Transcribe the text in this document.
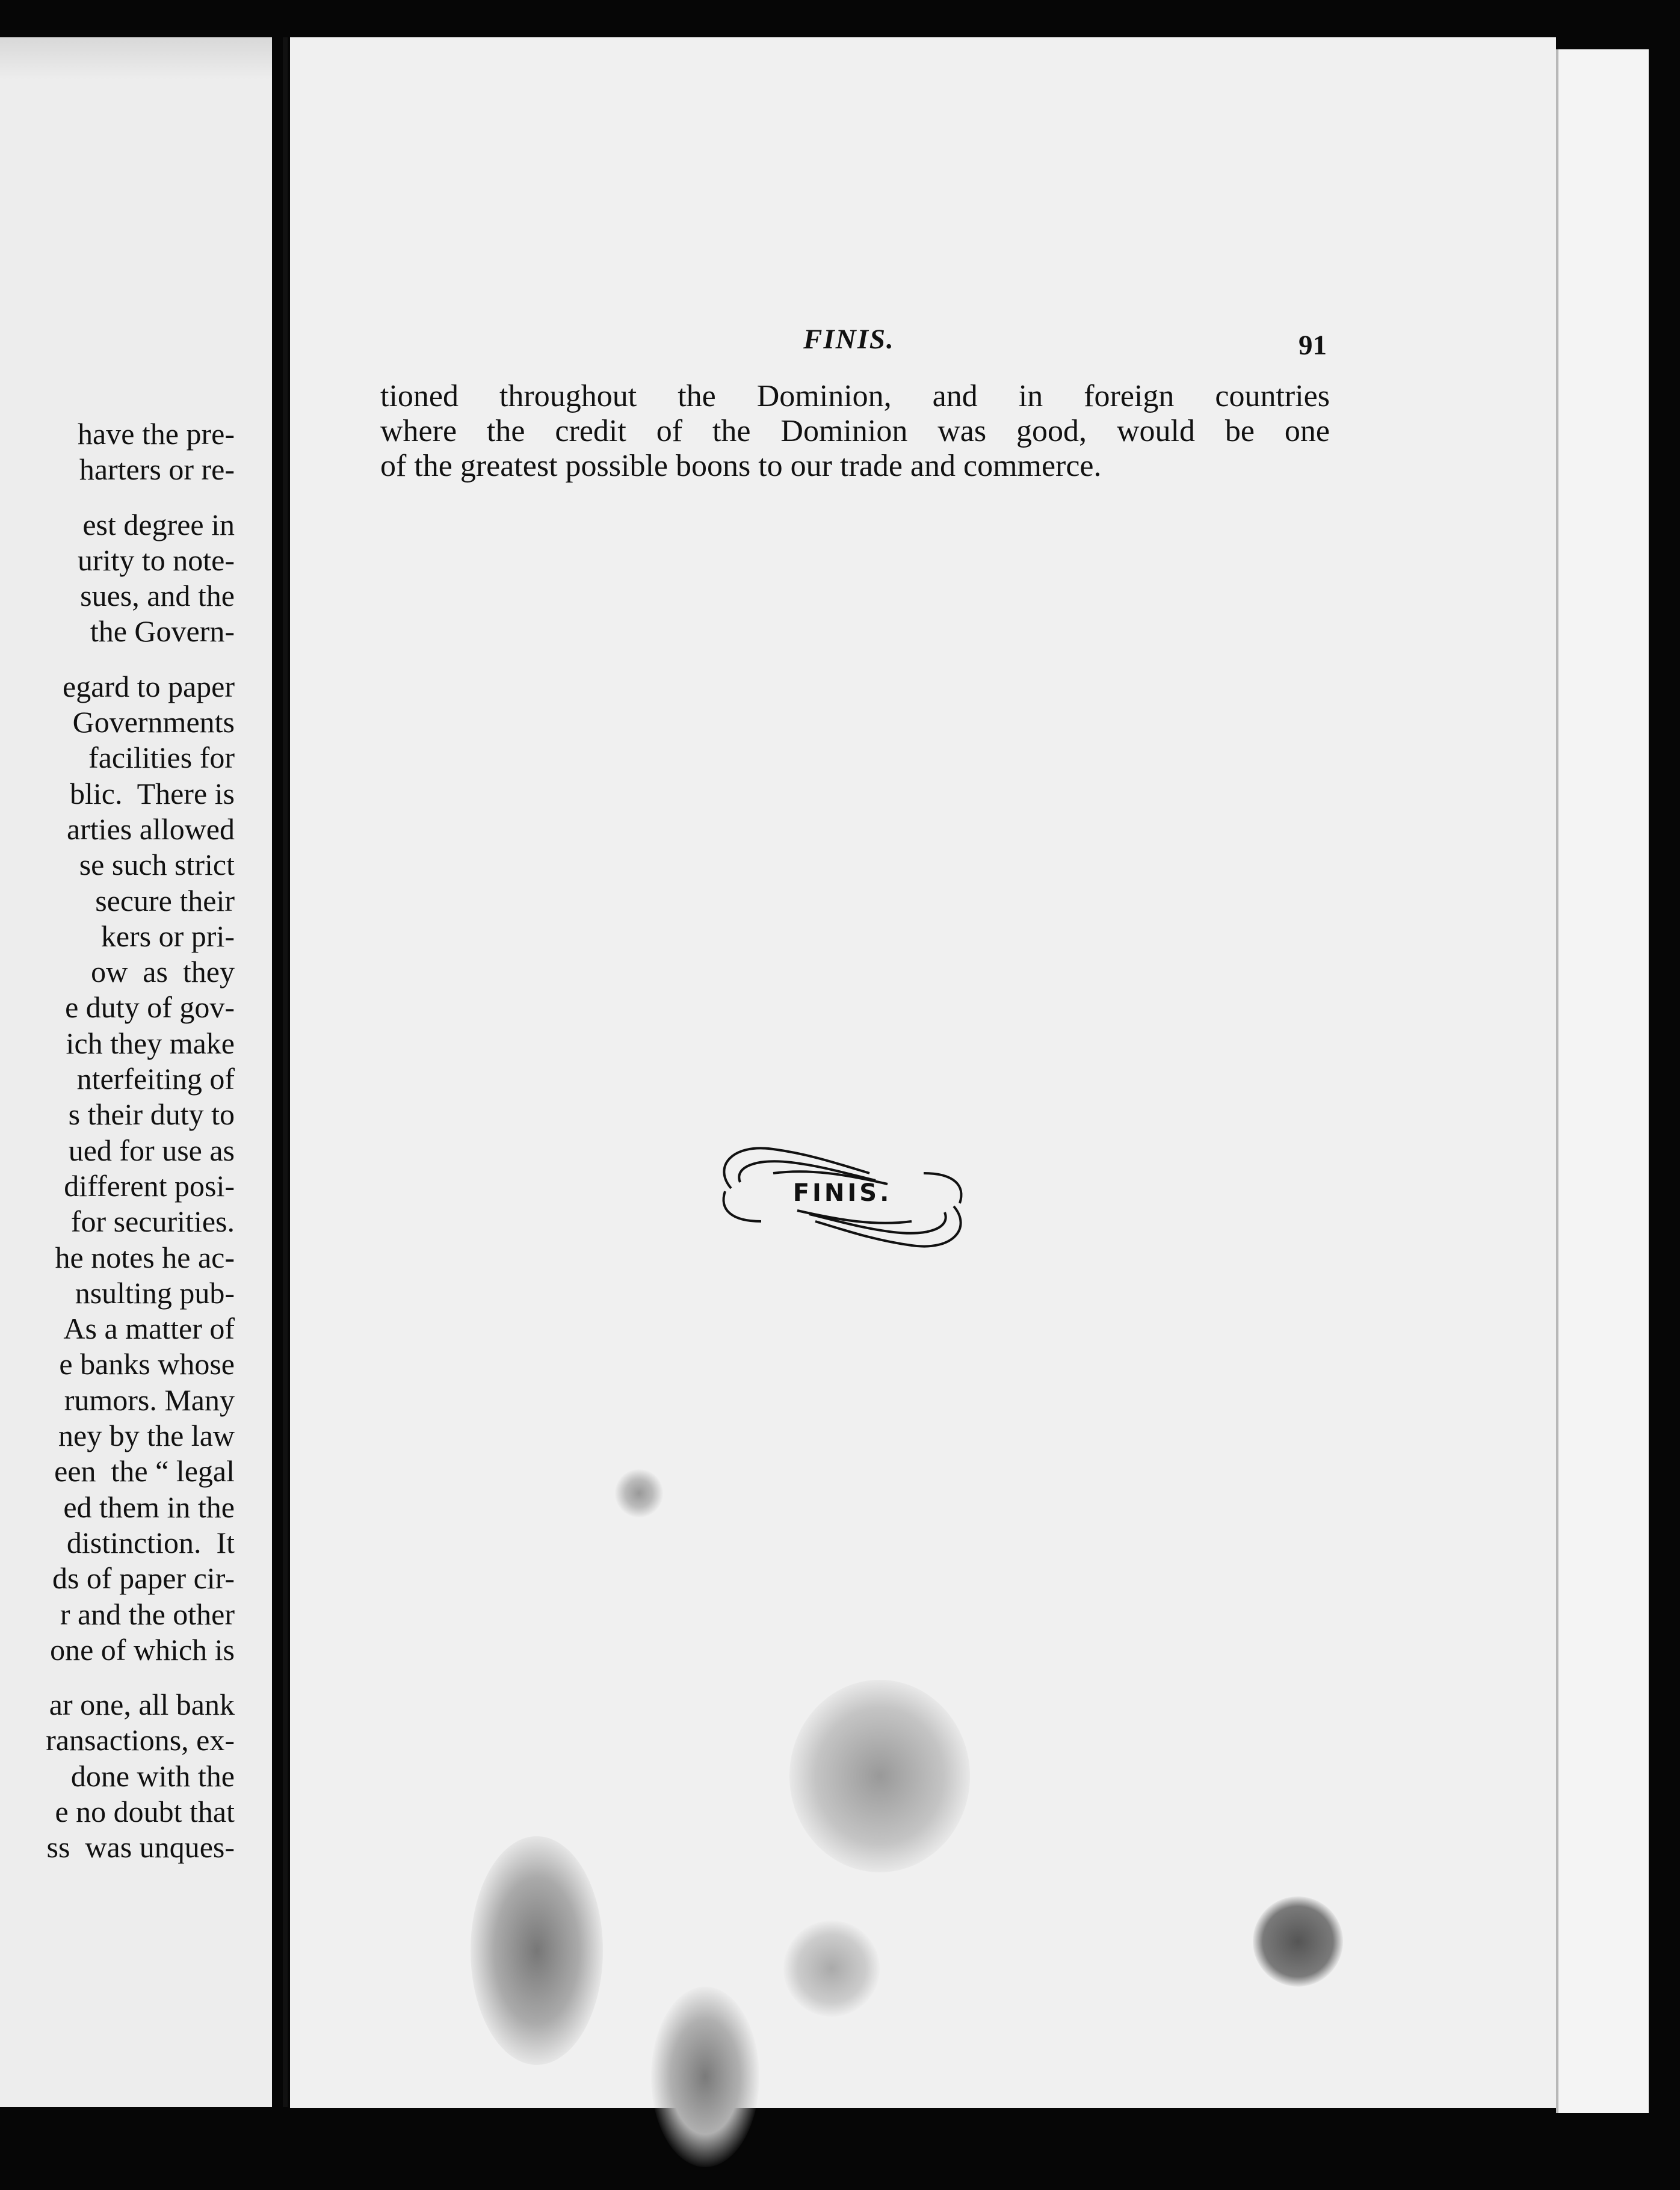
have the pre-
harters or re-
est degree in
urity to note-
sues, and the
the Govern-
egard to paper
Governments
facilities for
blic.  There is
arties allowed
se such strict
secure their
kers or pri-
ow  as  they
e duty of gov-
ich they make
nterfeiting of
s their duty to
ued for use as
different posi-
for securities.
he notes he ac-
nsulting pub-
As a matter of
e banks whose
rumors. Many
ney by the law
een  the “ legal
ed them in the
distinction.  It
ds of paper cir-
r and the other
one of which is
ar one, all bank
ransactions, ex-
done with the
e no doubt that
ss  was unques-
FINIS.	91
tioned throughout the Dominion, and in foreign countries
where the credit of the Dominion was good, would be one
of the greatest possible boons to our trade and commerce.
FINIS.
